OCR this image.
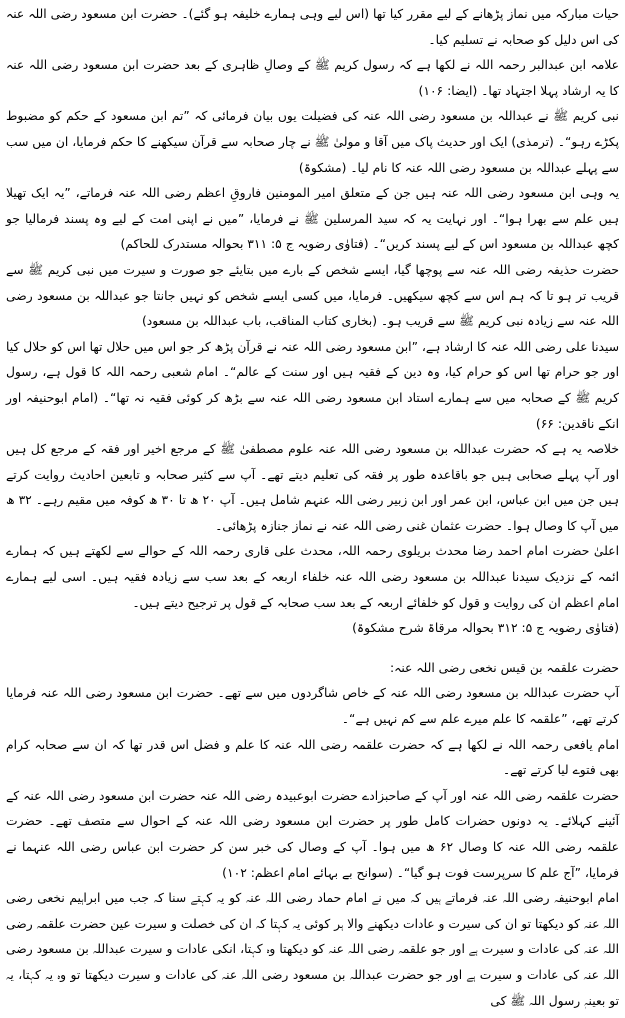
حیات مبارکہ میں نماز پڑھانے کے لیے مقرر کیا تھا (اس لیے وہی ہمارے خلیفہ ہو گئے)۔ حضرت ابن مسعود رضی اللہ عنہ کی اس دلیل کو صحابہ نے تسلیم کیا۔

علامہ ابن عبدالبر رحمہ اللہ نے لکھا ہے کہ رسول کریم ﷺ کے وصالِ ظاہری کے بعد حضرت ابن مسعود رضی اللہ عنہ کا یہ ارشاد پہلا اجتہاد تھا۔ (ایضا: ۱۰۶)

نبی کریم ﷺ نے عبداللہ بن مسعود رضی اللہ عنہ کی فضیلت یوں بیان فرمائی کہ ”تم ابن مسعود کے حکم کو مضبوط پکڑے رہو“۔ (ترمذی) ایک اور حدیث پاک میں آقا و مولیٰ ﷺ نے چار صحابہ سے قرآن سیکھنے کا حکم فرمایا، ان میں سب سے پہلے عبداللہ بن مسعود رضی اللہ عنہ کا نام لیا۔ (مشکوۃ)

یہ وہی ابن مسعود رضی اللہ عنہ ہیں جن کے متعلق امیر المومنین فاروقِ اعظم رضی اللہ عنہ فرماتے، ”یہ ایک تھیلا ہیں علم سے بھرا ہوا“۔ اور نہایت یہ کہ سید المرسلین ﷺ نے فرمایا، ”میں نے اپنی امت کے لیے وہ پسند فرمالیا جو کچھ عبداللہ بن مسعود اس کے لیے پسند کریں“۔ (فتاوٰی رضویہ ج ۵: ۳۱۱ بحوالہ مستدرک للحاکم)

حضرت حذیفہ رضی اللہ عنہ سے پوچھا گیا، ایسے شخص کے بارے میں بتایئے جو صورت و سیرت میں نبی کریم ﷺ سے قریب تر ہو تا کہ ہم اس سے کچھ سیکھیں۔ فرمایا، میں کسی ایسے شخص کو نہیں جانتا جو عبداللہ بن مسعود رضی اللہ عنہ سے زیادہ نبی کریم ﷺ سے قریب ہو۔ (بخاری کتاب المناقب، باب عبداللہ بن مسعود)

سیدنا علی رضی اللہ عنہ کا ارشاد ہے، ”ابن مسعود رضی اللہ عنہ نے قرآن پڑھ کر جو اس میں حلال تھا اس کو حلال کیا اور جو حرام تھا اس کو حرام کیا، وہ دین کے فقیہ ہیں اور سنت کے عالم“۔ امام شعبی رحمہ اللہ کا قول ہے، رسول کریم ﷺ کے صحابہ میں سے ہمارے استاد ابن مسعود رضی اللہ عنہ سے بڑھ کر کوئی فقیہ نہ تھا“۔ (امام ابوحنیفہ اور انکے ناقدین: ۶۶)

خلاصہ یہ ہے کہ حضرت عبداللہ بن مسعود رضی اللہ عنہ علوم مصطفیٰ ﷺ کے مرجع اخیر اور فقہ کے مرجع کل ہیں اور آپ پہلے صحابی ہیں جو باقاعدہ طور پر فقہ کی تعلیم دیتے تھے۔ آپ سے کثیر صحابہ و تابعین احادیث روایت کرتے ہیں جن میں ابن عباس، ابن عمر اور ابن زبیر رضی اللہ عنہم شامل ہیں۔ آپ ۲۰ ھ تا ۳۰ ھ کوفہ میں مقیم رہے۔ ۳۲ ھ میں آپ کا وصال ہوا۔ حضرت عثمان غنی رضی اللہ عنہ نے نماز جنازہ پڑھائی۔

اعلیٰ حضرت امام احمد رضا محدث بریلوی رحمہ اللہ، محدث علی قاری رحمہ اللہ کے حوالے سے لکھتے ہیں کہ ہمارے ائمہ کے نزدیک سیدنا عبداللہ بن مسعود رضی اللہ عنہ خلفاء اربعہ کے بعد سب سے زیادہ فقیہ ہیں۔ اسی لیے ہمارے امام اعظم ان کی روایت و قول کو خلفائے اربعہ کے بعد سب صحابہ کے قول پر ترجیح دیتے ہیں۔

(فتاوٰی رضویہ ج ۵: ۳۱۲ بحوالہ مرقاۃ شرح مشکوۃ)

حضرت علقمہ بن قیس نخعی رضی اللہ عنہ:

آپ حضرت عبداللہ بن مسعود رضی اللہ عنہ کے خاص شاگردوں میں سے تھے۔ حضرت ابن مسعود رضی اللہ عنہ فرمایا کرتے تھے، ”علقمہ کا علم میرے علم سے کم نہیں ہے“۔

امام یافعی رحمہ اللہ نے لکھا ہے کہ حضرت علقمہ رضی اللہ عنہ کا علم و فضل اس قدر تھا کہ ان سے صحابہ کرام بھی فتوے لیا کرتے تھے۔

حضرت علقمہ رضی اللہ عنہ اور آپ کے صاحبزادے حضرت ابوعبیدہ رضی اللہ عنہ حضرت ابن مسعود رضی اللہ عنہ کے آئینے کہلائے۔ یہ دونوں حضرات کامل طور پر حضرت ابن مسعود رضی اللہ عنہ کے احوال سے متصف تھے۔ حضرت علقمہ رضی اللہ عنہ کا وصال ۶۲ ھ میں ہوا۔ آپ کے وصال کی خبر سن کر حضرت ابن عباس رضی اللہ عنہما نے فرمایا، ”آج علم کا سرپرست فوت ہو گیا“۔ (سوانح بے بہائے امام اعظم: ۱۰۲)

امام ابوحنیفہ رضی اللہ عنہ فرماتے ہیں کہ میں نے امام حماد رضی اللہ عنہ کو یہ کہتے سنا کہ جب میں ابراہیم نخعی رضی اللہ عنہ کو دیکھتا تو ان کی سیرت و عادات دیکھنے والا ہر کوئی یہ کہتا کہ ان کی خصلت و سیرت عین حضرت علقمہ رضی اللہ عنہ کی عادات و سیرت ہے اور جو علقمہ رضی اللہ عنہ کو دیکھتا وہ کہتا، انکی عادات و سیرت عبداللہ بن مسعود رضی اللہ عنہ کی عادات و سیرت ہے اور جو حضرت عبداللہ بن مسعود رضی اللہ عنہ کی عادات و سیرت دیکھتا تو وہ یہ کہتا، یہ تو بعینہٖ رسول اللہ ﷺ کی
